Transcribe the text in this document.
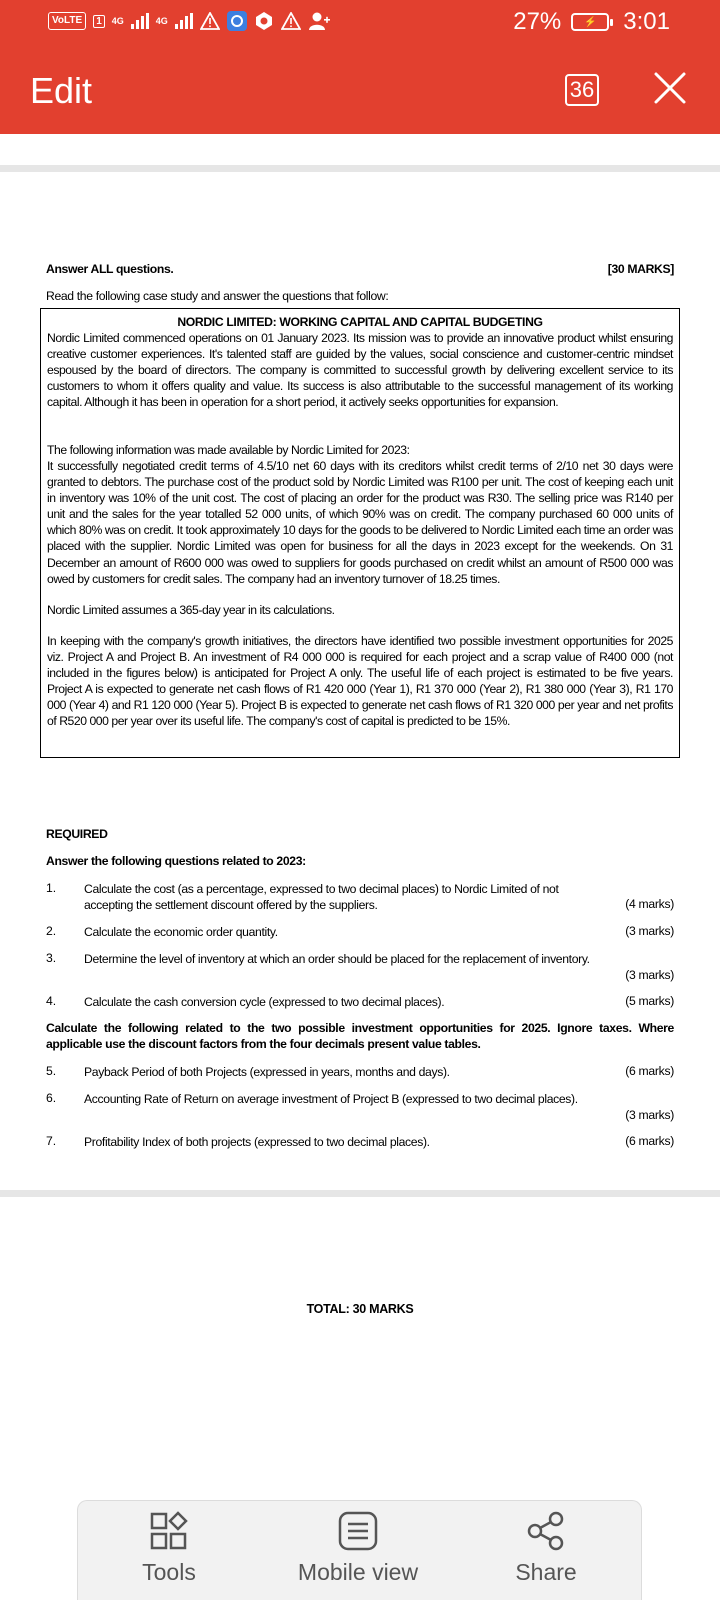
VoLTE	1	4G	4G	27%	⚡	3:01
Edit	36
Answer ALL questions.	[30 MARKS]
Read the following case study and answer the questions that follow:
NORDIC LIMITED: WORKING CAPITAL AND CAPITAL BUDGETING
Nordic Limited commenced operations on 01 January 2023. Its mission was to provide an innovative product whilst ensuring creative customer experiences. It's talented staff are guided by the values, social conscience and customer-centric mindset espoused by the board of directors. The company is committed to successful growth by delivering excellent service to its customers to whom it offers quality and value. Its success is also attributable to the successful management of its working capital. Although it has been in operation for a short period, it actively seeks opportunities for expansion.
The following information was made available by Nordic Limited for 2023:
It successfully negotiated credit terms of 4.5/10 net 60 days with its creditors whilst credit terms of 2/10 net 30 days were granted to debtors. The purchase cost of the product sold by Nordic Limited was R100 per unit. The cost of keeping each unit in inventory was 10% of the unit cost. The cost of placing an order for the product was R30. The selling price was R140 per unit and the sales for the year totalled 52 000 units, of which 90% was on credit. The company purchased 60 000 units of which 80% was on credit. It took approximately 10 days for the goods to be delivered to Nordic Limited each time an order was placed with the supplier. Nordic Limited was open for business for all the days in 2023 except for the weekends. On 31 December an amount of R600 000 was owed to suppliers for goods purchased on credit whilst an amount of R500 000 was owed by customers for credit sales. The company had an inventory turnover of 18.25 times.
Nordic Limited assumes a 365-day year in its calculations.
In keeping with the company's growth initiatives, the directors have identified two possible investment opportunities for 2025 viz. Project A and Project B. An investment of R4 000 000 is required for each project and a scrap value of R400 000 (not included in the figures below) is anticipated for Project A only. The useful life of each project is estimated to be five years. Project A is expected to generate net cash flows of R1 420 000 (Year 1), R1 370 000 (Year 2), R1 380 000 (Year 3), R1 170 000 (Year 4) and R1 120 000 (Year 5). Project B is expected to generate net cash flows of R1 320 000 per year and net profits of R520 000 per year over its useful life. The company's cost of capital is predicted to be 15%.
REQUIRED
Answer the following questions related to 2023:
1. Calculate the cost (as a percentage, expressed to two decimal places) to Nordic Limited of not accepting the settlement discount offered by the suppliers.	(4 marks)
2. Calculate the economic order quantity.	(3 marks)
3. Determine the level of inventory at which an order should be placed for the replacement of inventory.
(3 marks)
4. Calculate the cash conversion cycle (expressed to two decimal places).	(5 marks)
Calculate the following related to the two possible investment opportunities for 2025. Ignore taxes. Where applicable use the discount factors from the four decimals present value tables.
5. Payback Period of both Projects (expressed in years, months and days).	(6 marks)
6. Accounting Rate of Return on average investment of Project B (expressed to two decimal places).
(3 marks)
7. Profitability Index of both projects (expressed to two decimal places).	(6 marks)
TOTAL: 30 MARKS
Tools	Mobile view	Share
